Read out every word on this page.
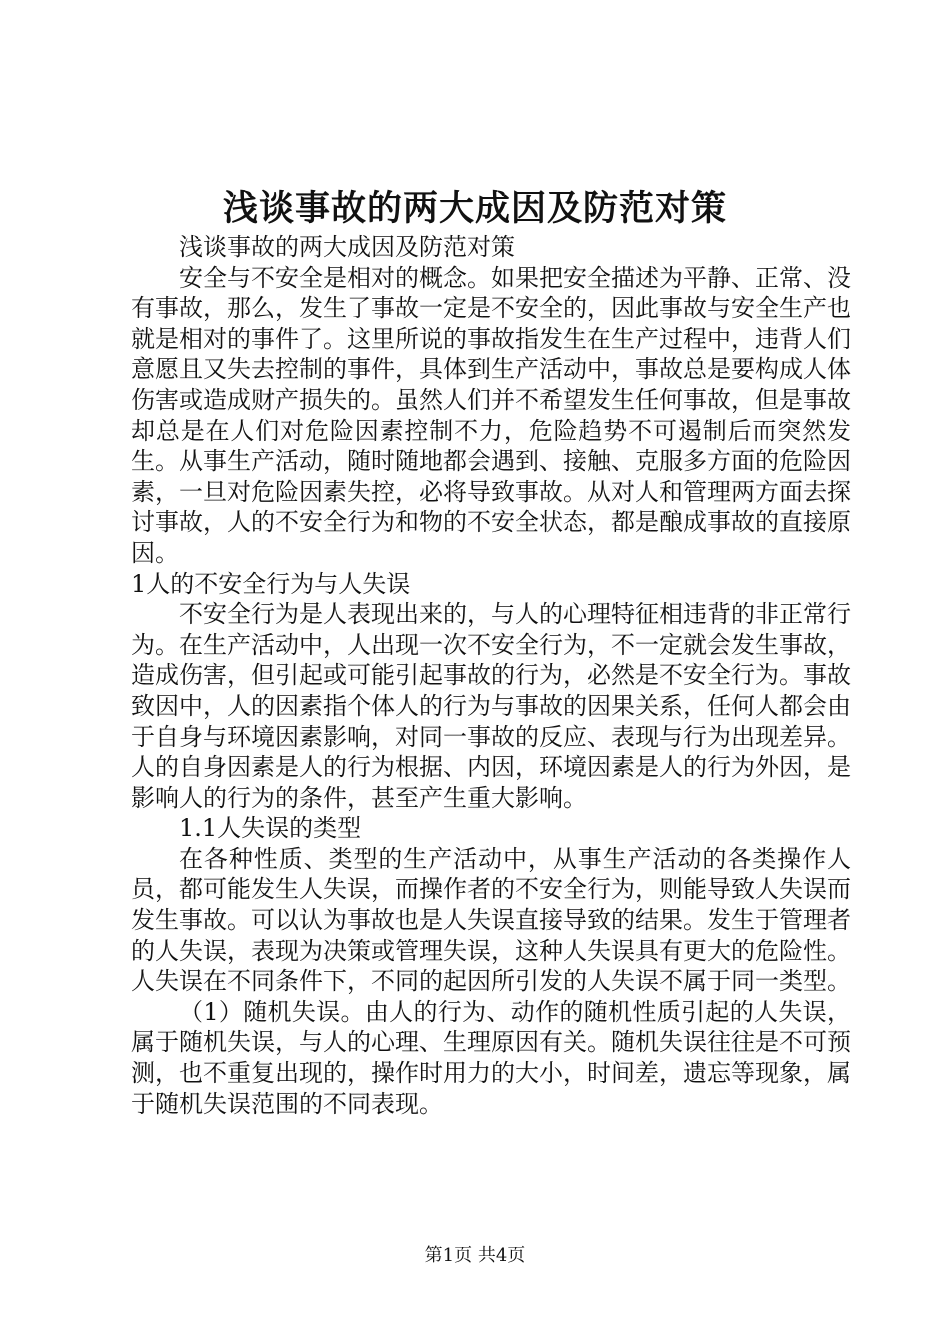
浅谈事故的两大成因及防范对策

浅谈事故的两大成因及防范对策

安全与不安全是相对的概念。如果把安全描述为平静、正常、没有事故，那么，发生了事故一定是不安全的，因此事故与安全生产也就是相对的事件了。这里所说的事故指发生在生产过程中，违背人们意愿且又失去控制的事件，具体到生产活动中，事故总是要构成人体伤害或造成财产损失的。虽然人们并不希望发生任何事故，但是事故却总是在人们对危险因素控制不力，危险趋势不可遏制后而突然发生。从事生产活动，随时随地都会遇到、接触、克服多方面的危险因素，一旦对危险因素失控，必将导致事故。从对人和管理两方面去探讨事故，人的不安全行为和物的不安全状态，都是酿成事故的直接原因。

1人的不安全行为与人失误

不安全行为是人表现出来的，与人的心理特征相违背的非正常行为。在生产活动中，人出现一次不安全行为，不一定就会发生事故，造成伤害，但引起或可能引起事故的行为，必然是不安全行为。事故致因中，人的因素指个体人的行为与事故的因果关系，任何人都会由于自身与环境因素影响，对同一事故的反应、表现与行为出现差异。人的自身因素是人的行为根据、内因，环境因素是人的行为外因，是影响人的行为的条件，甚至产生重大影响。

1.1人失误的类型

在各种性质、类型的生产活动中，从事生产活动的各类操作人员，都可能发生人失误，而操作者的不安全行为，则能导致人失误而发生事故。可以认为事故也是人失误直接导致的结果。发生于管理者的人失误，表现为决策或管理失误，这种人失误具有更大的危险性。人失误在不同条件下，不同的起因所引发的人失误不属于同一类型。

（1）随机失误。由人的行为、动作的随机性质引起的人失误，属于随机失误，与人的心理、生理原因有关。随机失误往往是不可预测，也不重复出现的，操作时用力的大小，时间差，遗忘等现象，属于随机失误范围的不同表现。

第1页 共4页
